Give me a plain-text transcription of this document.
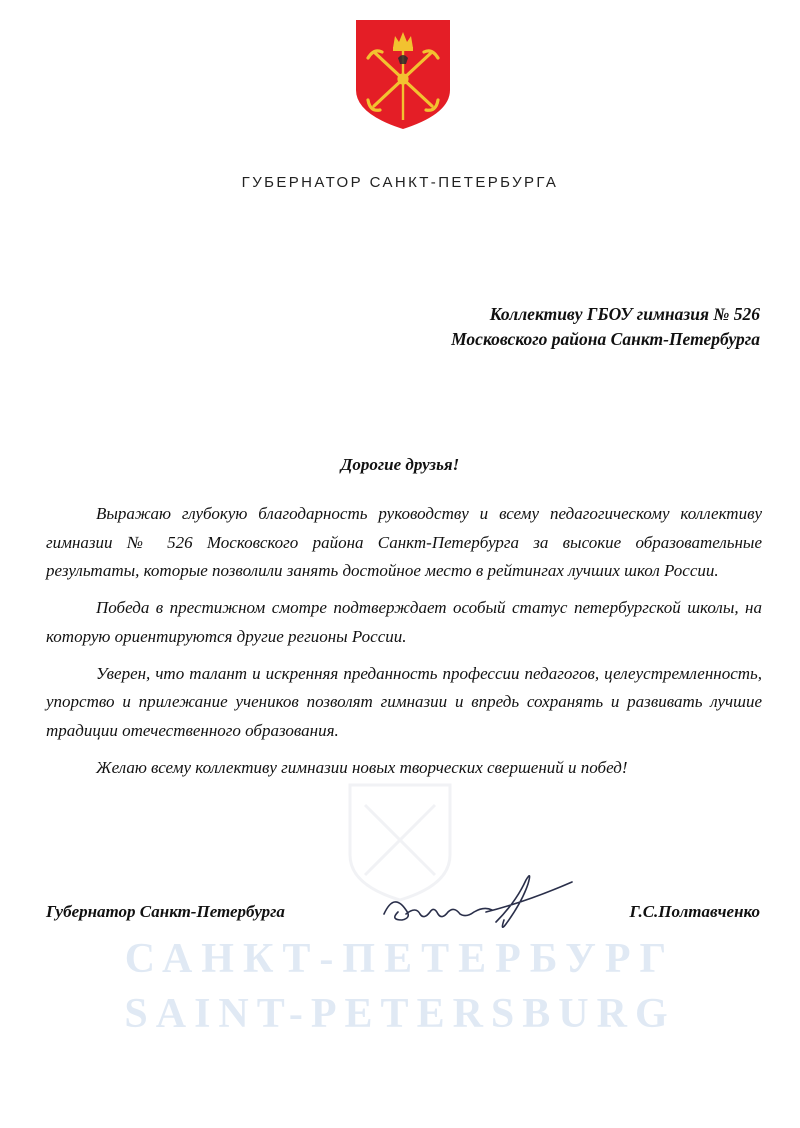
ГУБЕРНАТОР САНКТ-ПЕТЕРБУРГА
Коллективу ГБОУ гимназия № 526
Московского района Санкт-Петербурга
Дорогие друзья!

Выражаю глубокую благодарность руководству и всему педагогическому коллективу гимназии № 526 Московского района Санкт-Петербурга за высокие образовательные результаты, которые позволили занять достойное место в рейтингах лучших школ России.

Победа в престижном смотре подтверждает особый статус петербургской школы, на которую ориентируются другие регионы России.

Уверен, что талант и искренняя преданность профессии педагогов, целеустремленность, упорство и прилежание учеников позволят гимназии и впредь сохранять и развивать лучшие традиции отечественного образования.

Желаю всему коллективу гимназии новых творческих свершений и побед!

САНКТ-ПЕТЕРБУРГ
SAINT-PETERSBURG
Губернатор Санкт-Петербурга	Г.С.Полтавченко
